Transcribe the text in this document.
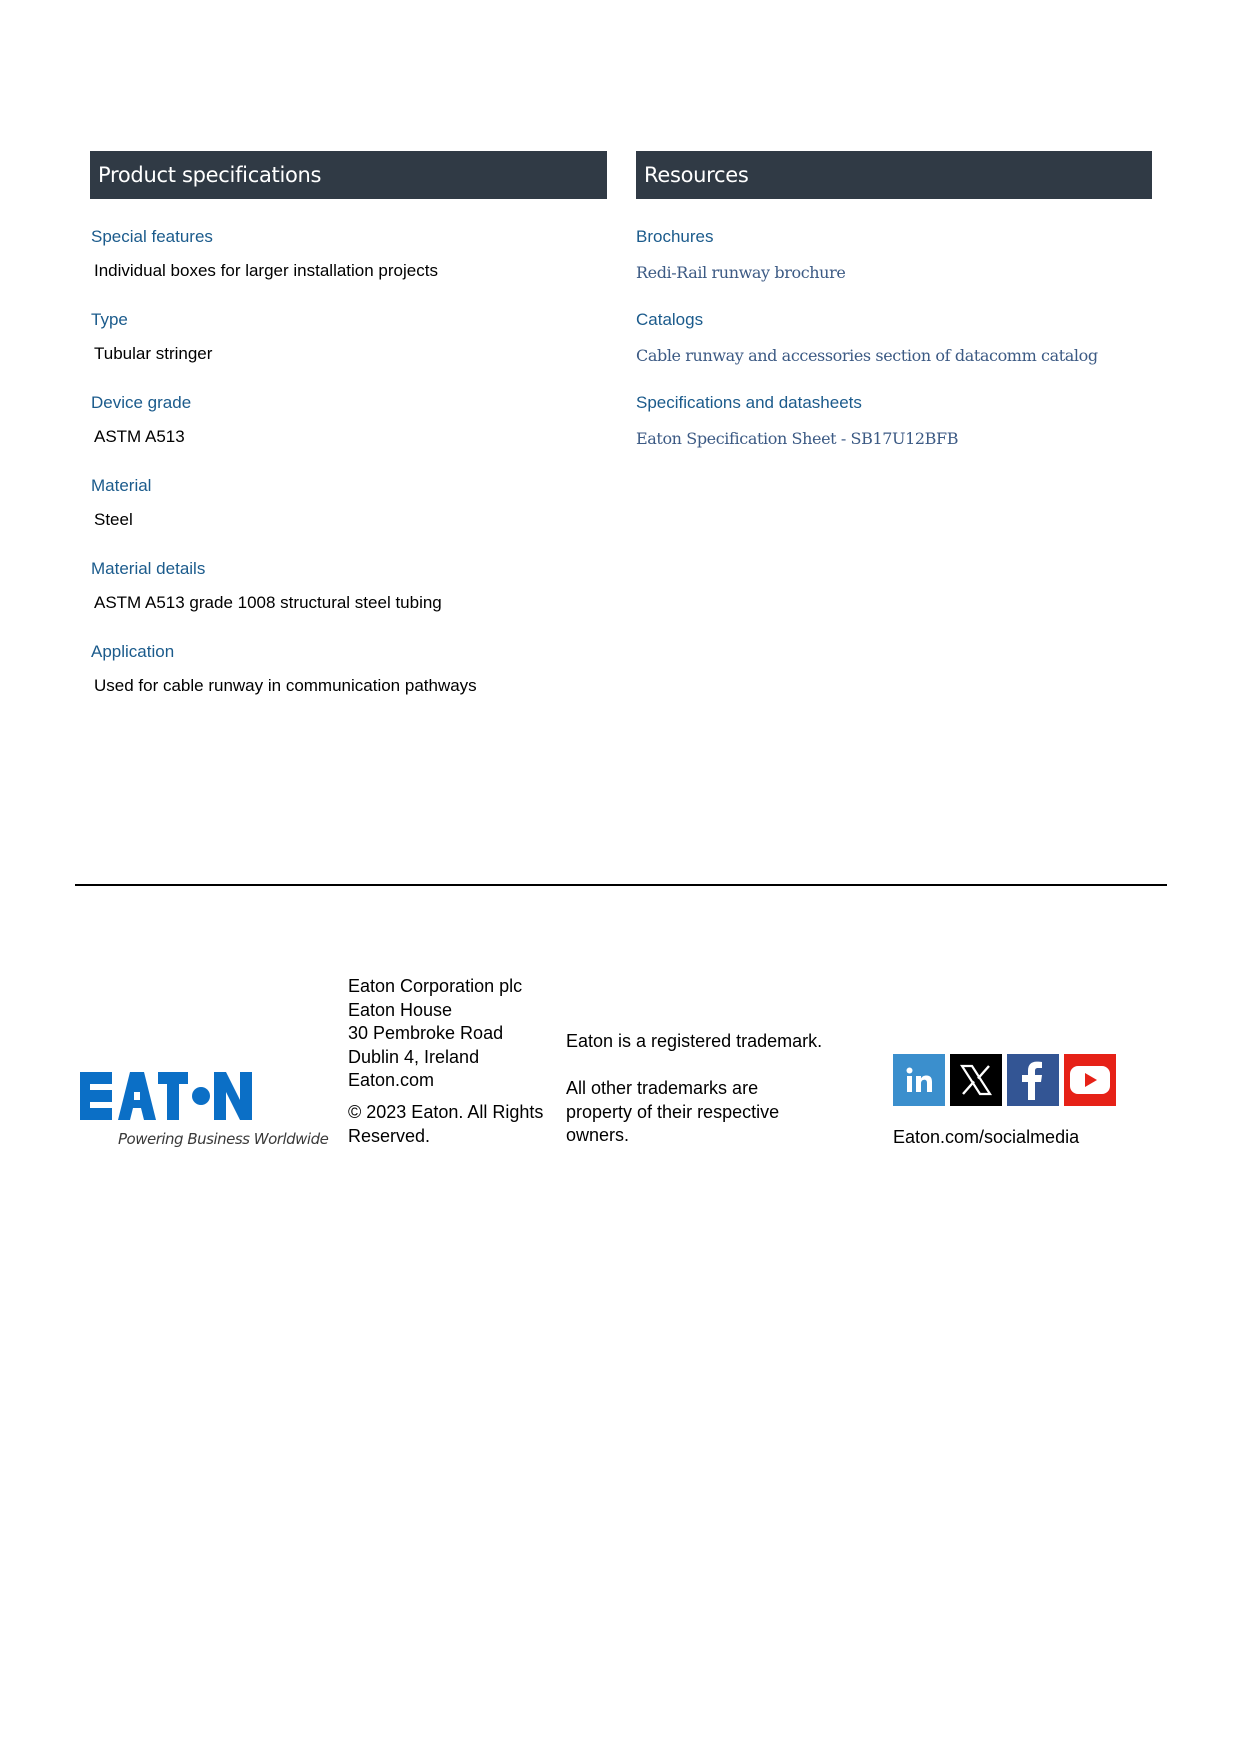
Product specifications	Resources
Special features
Individual boxes for larger installation projects
Type
Tubular stringer
Device grade
ASTM A513
Material
Steel
Material details
ASTM A513 grade 1008 structural steel tubing
Application
Used for cable runway in communication pathways
Brochures
Redi-Rail runway brochure
Catalogs
Cable runway and accessories section of datacomm catalog
Specifications and datasheets
Eaton Specification Sheet - SB17U12BFB
Powering Business Worldwide
Eaton Corporation plc
Eaton House
30 Pembroke Road
Dublin 4, Ireland
Eaton.com
© 2023 Eaton. All Rights Reserved.
Eaton is a registered trademark.
All other trademarks are property of their respective owners.	Eaton.com/socialmedia
